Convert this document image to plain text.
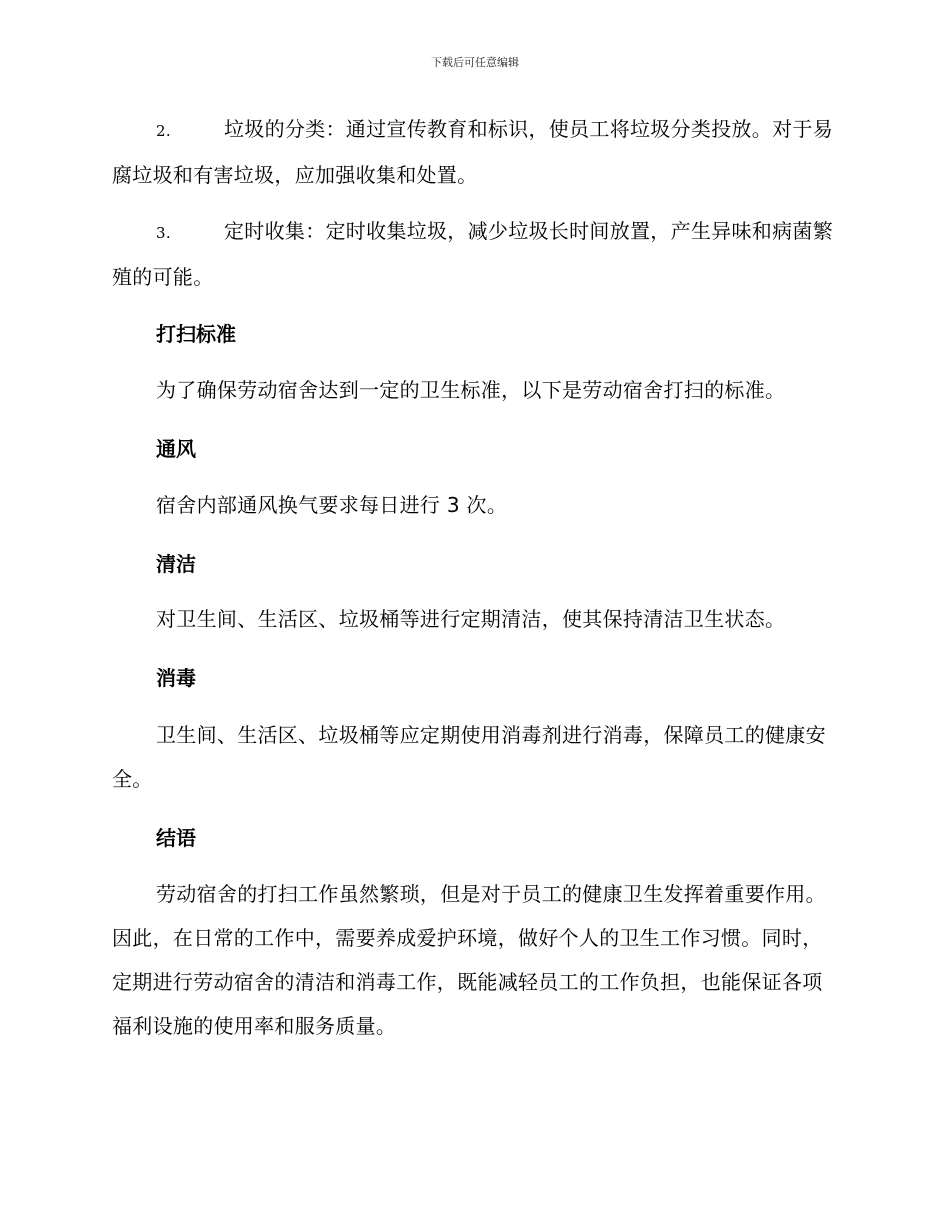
下载后可任意编辑
2.	垃圾的分类：通过宣传教育和标识，使员工将垃圾分类投放。对于易腐垃圾和有害垃圾，应加强收集和处置。
3.	定时收集：定时收集垃圾，减少垃圾长时间放置，产生异味和病菌繁殖的可能。
打扫标准
为了确保劳动宿舍达到一定的卫生标准，以下是劳动宿舍打扫的标准。
通风
宿舍内部通风换气要求每日进行 3 次。
清洁
对卫生间、生活区、垃圾桶等进行定期清洁，使其保持清洁卫生状态。
消毒
卫生间、生活区、垃圾桶等应定期使用消毒剂进行消毒，保障员工的健康安全。
结语
劳动宿舍的打扫工作虽然繁琐，但是对于员工的健康卫生发挥着重要作用。因此，在日常的工作中，需要养成爱护环境，做好个人的卫生工作习惯。同时，定期进行劳动宿舍的清洁和消毒工作，既能减轻员工的工作负担，也能保证各项福利设施的使用率和服务质量。
